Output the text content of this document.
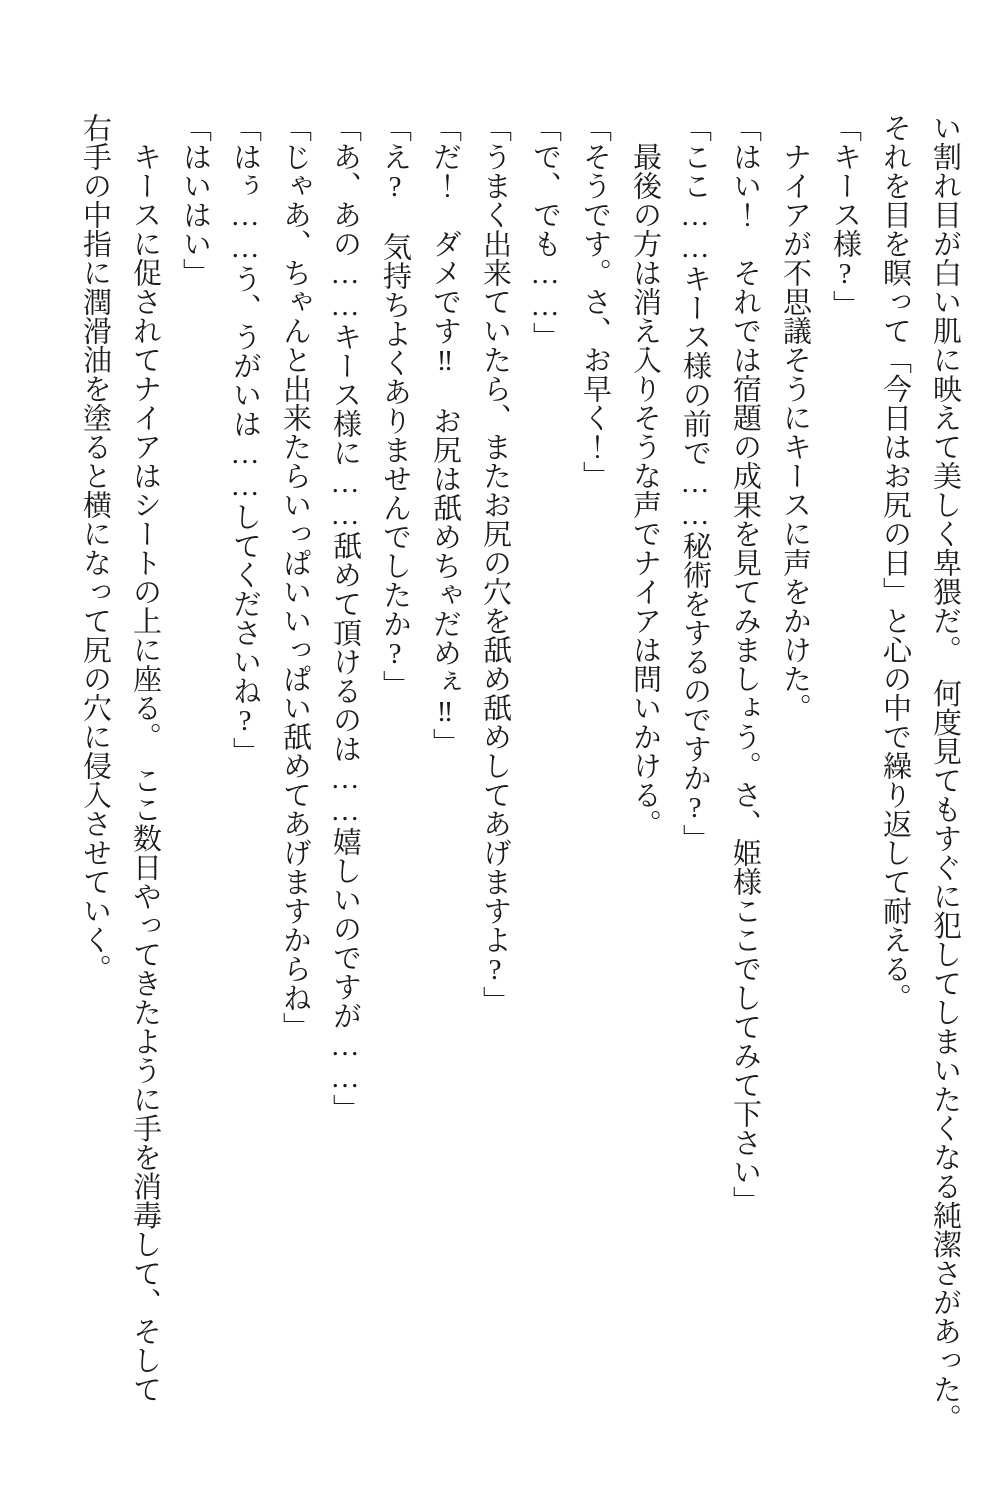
い割れ目が白い肌に映えて美しく卑猥だ。　何度見てもすぐに犯してしまいたくなる純潔さがあった。　それを目を瞑って「今日はお尻の日」と心の中で繰り返して耐える。

「キース様?」

　ナイアが不思議そうにキースに声をかけた。

「はい！　それでは宿題の成果を見てみましょう。さ、姫様ここでしてみて下さい」

「ここ……キース様の前で……秘術をするのですか?」

　最後の方は消え入りそうな声でナイアは問いかける。

「そうです。さ、お早く！」

「で、でも……」

「うまく出来ていたら、またお尻の穴を舐め舐めしてあげますよ?」

「だ！　ダメです‼　お尻は舐めちゃだめぇ‼」

「え?　気持ちよくありませんでしたか?」

「あ、あの……キース様に……舐めて頂けるのは……嬉しいのですが……」

「じゃあ、ちゃんと出来たらいっぱいいっぱい舐めてあげますからね」

「はぅ……う、うがいは……してくださいね?」

「はいはい」

　キースに促されてナイアはシートの上に座る。　ここ数日やってきたように手を消毒して、そして右手の中指に潤滑油を塗ると横になって尻の穴に侵入させていく。
